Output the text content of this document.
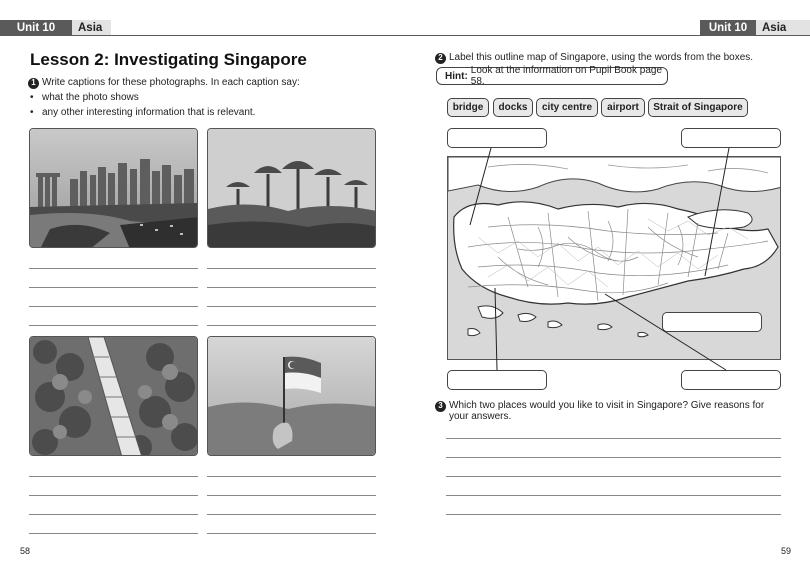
Unit 10	Asia	Unit 10	Asia
Lesson 2: Investigating Singapore
1 Write captions for these photographs. In each caption say:
• what the photo shows
• any other interesting information that is relevant.
58
2 Label this outline map of Singapore, using the words from the boxes.
Hint: Look at the information on Pupil Book page 58.
bridge	docks	city centre	airport	Strait of Singapore
3 Which two places would you like to visit in Singapore? Give reasons for
your answers.
59
